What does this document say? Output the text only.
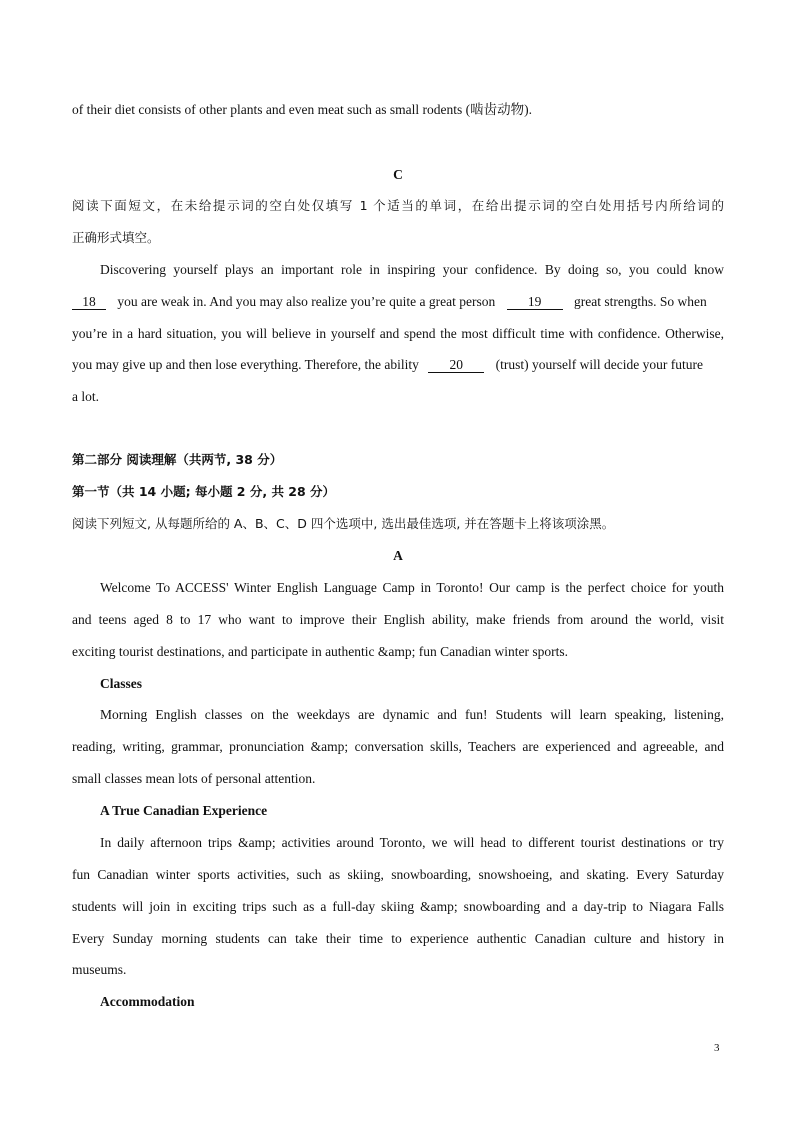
of their diet consists of other plants and even meat such as small rodents (啮齿动物).
C
阅读下面短文，在未给提示词的空白处仅填写 1 个适当的单词，在给出提示词的空白处用括号内所给词的
正确形式填空。
Discovering yourself plays an important role in inspiring your confidence. By doing so, you could know
18 you are weak in. And you may also realize you’re quite a great person 19 great strengths. So when
you’re in a hard situation, you will believe in yourself and spend the most difficult time with confidence. Otherwise,
you may give up and then lose everything. Therefore, the ability 20 (trust) yourself will decide your future
a lot.
第二部分 阅读理解（共两节, 38 分）
第一节（共 14 小题; 每小题 2 分, 共 28 分）
阅读下列短文, 从每题所给的 A、B、C、D 四个选项中, 选出最佳选项, 并在答题卡上将该项涂黑。
A
Welcome To ACCESS' Winter English Language Camp in Toronto! Our camp is the perfect choice for youth
and teens aged 8 to 17 who want to improve their English ability, make friends from around the world, visit
exciting tourist destinations, and participate in authentic &amp; fun Canadian winter sports.
Classes
Morning English classes on the weekdays are dynamic and fun! Students will learn speaking, listening,
reading, writing, grammar, pronunciation &amp; conversation skills, Teachers are experienced and agreeable, and
small classes mean lots of personal attention.
A True Canadian Experience
In daily afternoon trips &amp; activities around Toronto, we will head to different tourist destinations or try
fun Canadian winter sports activities, such as skiing, snowboarding, snowshoeing, and skating. Every Saturday
students will join in exciting trips such as a full-day skiing &amp; snowboarding and a day-trip to Niagara Falls
Every Sunday morning students can take their time to experience authentic Canadian culture and history in
museums.
Accommodation
3
